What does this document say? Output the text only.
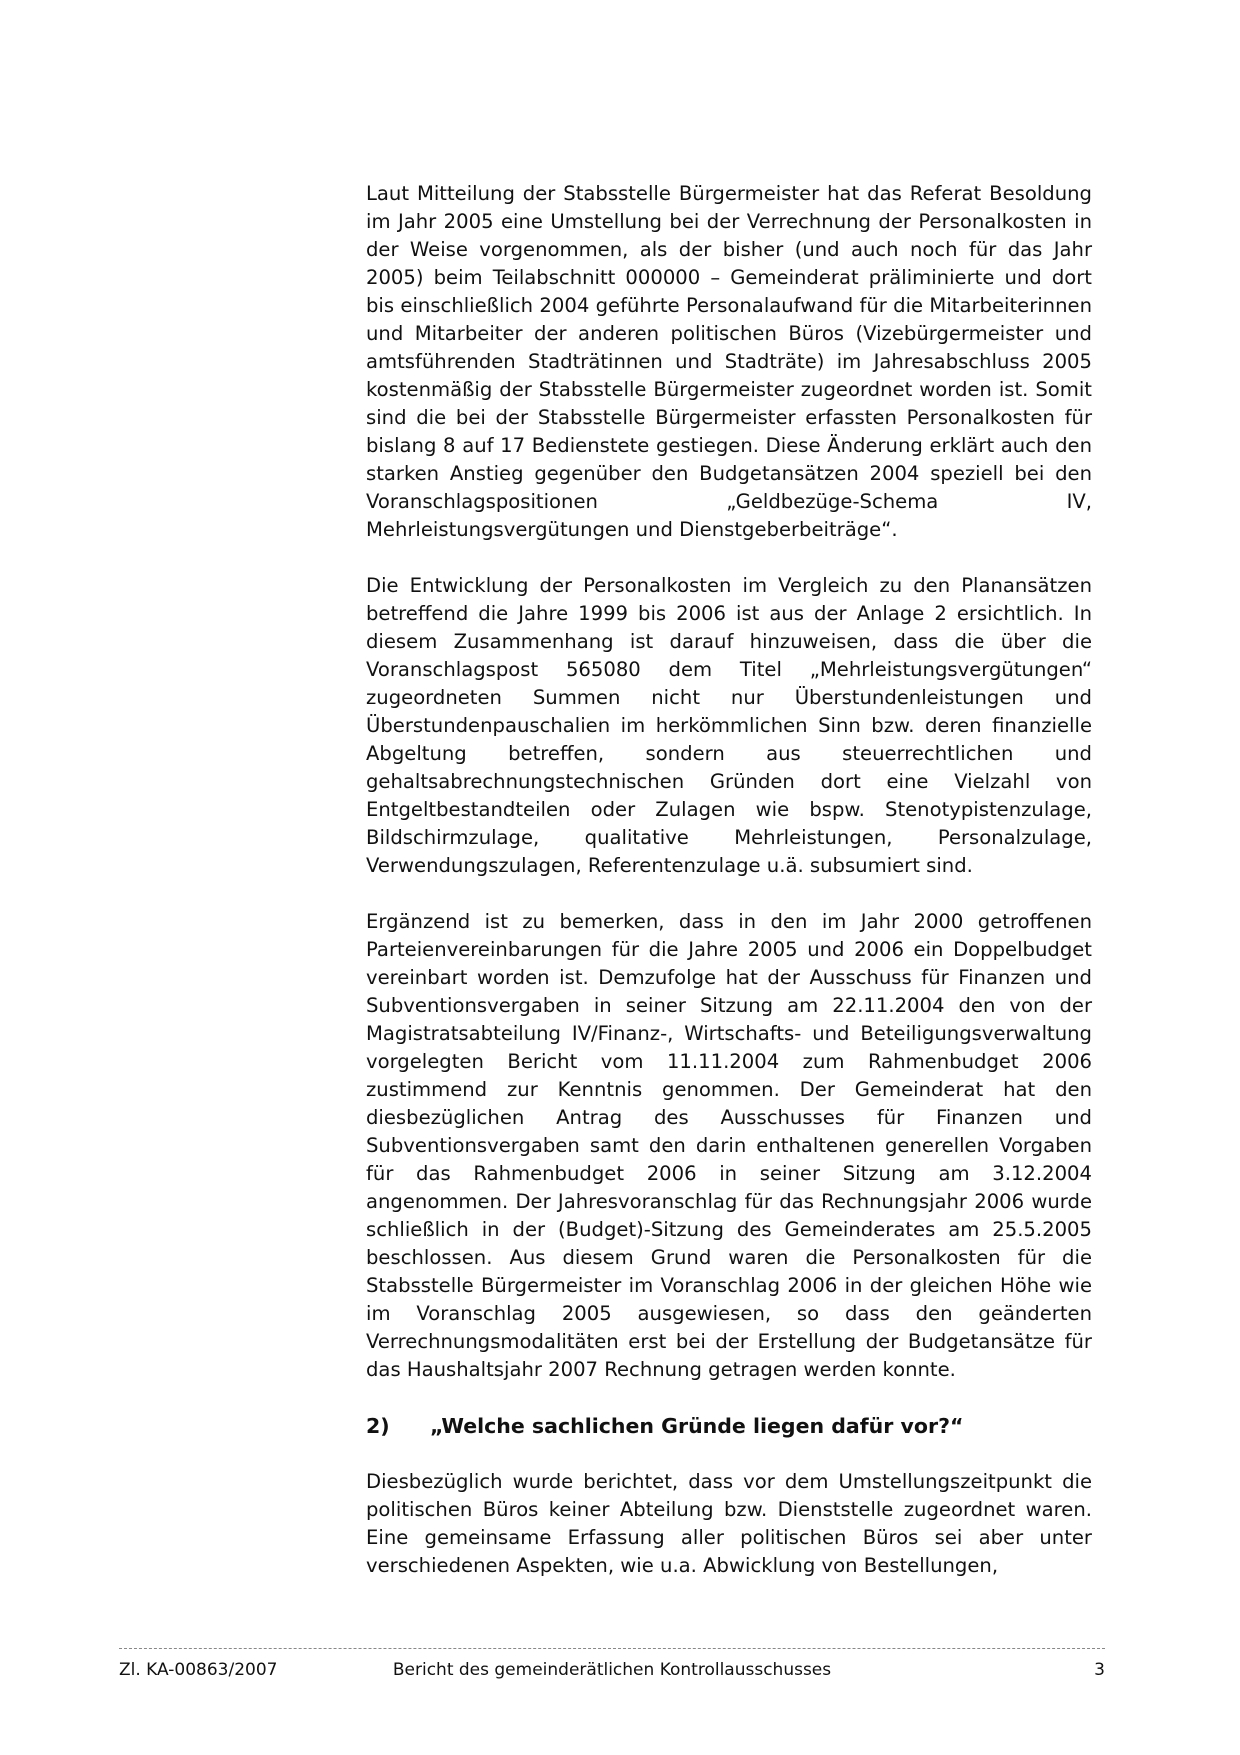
Laut Mitteilung der Stabsstelle Bürgermeister hat das Referat Besoldung im Jahr 2005 eine Umstellung bei der Verrechnung der Personalkosten in der Weise vorgenommen, als der bisher (und auch noch für das Jahr 2005) beim Teilabschnitt 000000 – Gemeinderat präliminierte und dort bis einschließlich 2004 geführte Personalaufwand für die Mitarbeiterinnen und Mitarbeiter der anderen politischen Büros (Vizebürgermeister und amtsführenden Stadträtinnen und Stadträte) im Jahresabschluss 2005 kostenmäßig der Stabsstelle Bürgermeister zugeordnet worden ist. Somit sind die bei der Stabsstelle Bürgermeister erfassten Personalkosten für bislang 8 auf 17 Bedienstete gestiegen. Diese Änderung erklärt auch den starken Anstieg gegenüber den Budgetansätzen 2004 speziell bei den Voranschlagspositionen „Geldbezüge-Schema IV, Mehrleistungsvergütungen und Dienstgeberbeiträge“.

Die Entwicklung der Personalkosten im Vergleich zu den Planansätzen betreffend die Jahre 1999 bis 2006 ist aus der Anlage 2 ersichtlich. In diesem Zusammenhang ist darauf hinzuweisen, dass die über die Voranschlagspost 565080 dem Titel „Mehrleistungsvergütungen“ zugeordneten Summen nicht nur Überstundenleistungen und Überstundenpauschalien im herkömmlichen Sinn bzw. deren finanzielle Abgeltung betreffen, sondern aus steuerrechtlichen und gehaltsabrechnungstechnischen Gründen dort eine Vielzahl von Entgeltbestandteilen oder Zulagen wie bspw. Stenotypistenzulage, Bildschirmzulage, qualitative Mehrleistungen, Personalzulage, Verwendungszulagen, Referentenzulage u.ä. subsumiert sind.

Ergänzend ist zu bemerken, dass in den im Jahr 2000 getroffenen Parteienvereinbarungen für die Jahre 2005 und 2006 ein Doppelbudget vereinbart worden ist. Demzufolge hat der Ausschuss für Finanzen und Subventionsvergaben in seiner Sitzung am 22.11.2004 den von der Magistratsabteilung IV/Finanz-, Wirtschafts- und Beteiligungsverwaltung vorgelegten Bericht vom 11.11.2004 zum Rahmenbudget 2006 zustimmend zur Kenntnis genommen. Der Gemeinderat hat den diesbezüglichen Antrag des Ausschusses für Finanzen und Subventionsvergaben samt den darin enthaltenen generellen Vorgaben für das Rahmenbudget 2006 in seiner Sitzung am 3.12.2004 angenommen. Der Jahresvoranschlag für das Rechnungsjahr 2006 wurde schließlich in der (Budget)-Sitzung des Gemeinderates am 25.5.2005 beschlossen. Aus diesem Grund waren die Personalkosten für die Stabsstelle Bürgermeister im Voranschlag 2006 in der gleichen Höhe wie im Voranschlag 2005 ausgewiesen, so dass den geänderten Verrechnungsmodalitäten erst bei der Erstellung der Budgetansätze für das Haushaltsjahr 2007 Rechnung getragen werden konnte.

2)	„Welche sachlichen Gründe liegen dafür vor?“

Diesbezüglich wurde berichtet, dass vor dem Umstellungszeitpunkt die politischen Büros keiner Abteilung bzw. Dienststelle zugeordnet waren. Eine gemeinsame Erfassung aller politischen Büros sei aber unter verschiedenen Aspekten, wie u.a. Abwicklung von Bestellungen,

Bericht des gemeinderätlichen Kontrollausschusses
Zl. KA-00863/2007	3
